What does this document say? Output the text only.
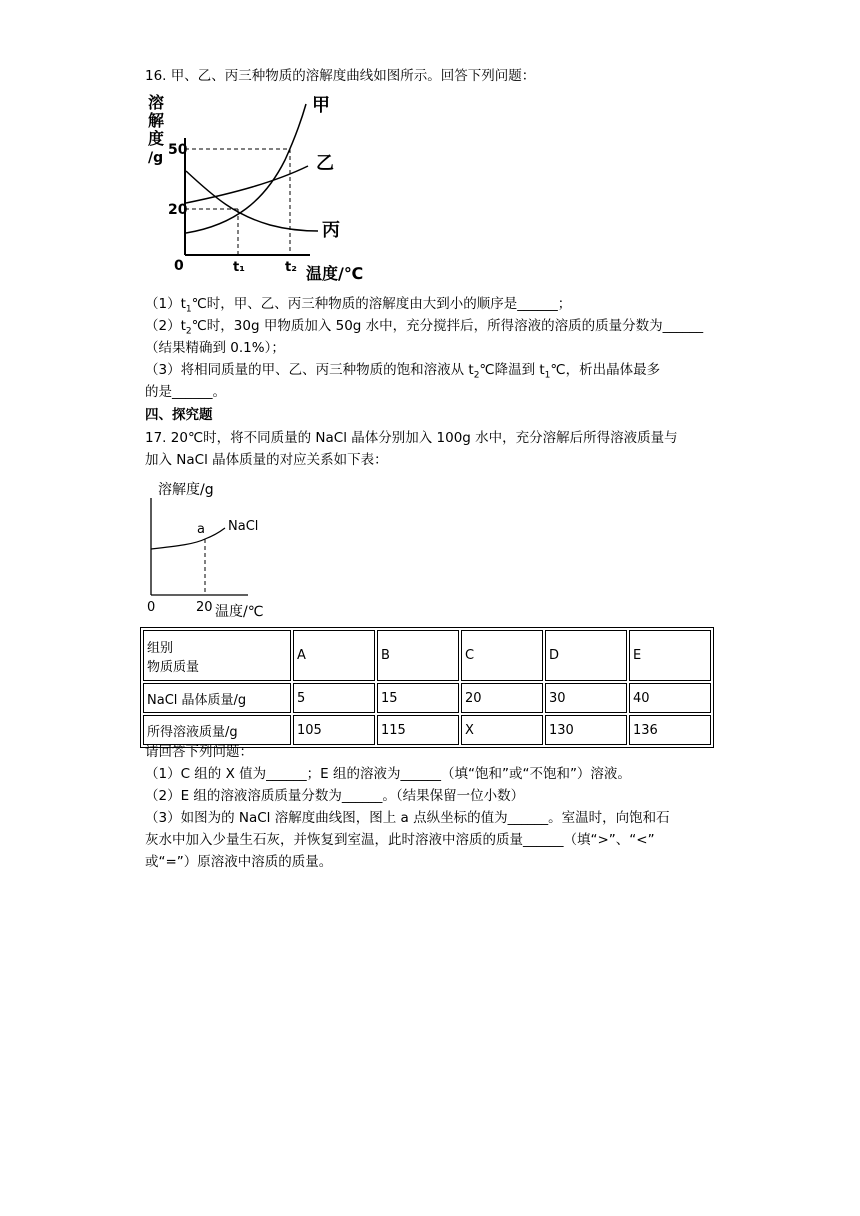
16. 甲、乙、丙三种物质的溶解度曲线如图所示。回答下列问题：
溶
解
度
/g 50
20
0	t₁	t₂ 温度/℃
甲
乙
丙
$(1)t_1℃$时，甲、乙、丙三种物质的溶解度由大到小的顺序是______；
$(2)t_2℃$时，30g 甲物质加入 50g 水中，充分搅拌后，所得溶液的溶质的质量分数为______
（结果精确到 0.1%）；
（3）将相同质量的甲、乙、丙三种物质的饱和溶液从 $t_2℃$降温到 $t_1℃$，析出晶体最多
的是______。
四、探究题
17. 20℃时，将不同质量的 NaCl 晶体分别加入 100g 水中，充分溶解后所得溶液质量与
加入 NaCl 晶体质量的对应关系如下表：
溶解度/g
a NaCl
0	20 温度/℃
组别
物质质量	A	B	C	D	E
NaCl 晶体质量/g	5	15	20	30	40
所得溶液质量/g	105	115	X	130	136
请回答下列问题：
（1）C 组的 X 值为______；E 组的溶液为______（填“饱和”或“不饱和”）溶液。
（2）E 组的溶液溶质质量分数为______。（结果保留一位小数）
（3）如图为的 NaCl 溶解度曲线图，图上 a 点纵坐标的值为______。室温时，向饱和石
灰水中加入少量生石灰，并恢复到室温，此时溶液中溶质的质量______（填“>”、“<”
或“=”）原溶液中溶质的质量。
